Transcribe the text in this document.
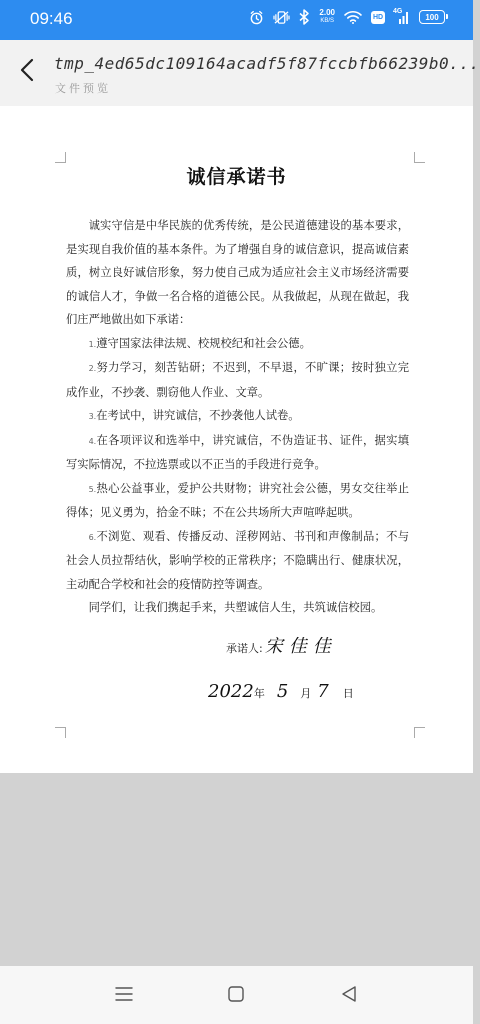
09:46	2.00
KB/S
HD
4G
100
tmp_4ed65dc109164acadf5f87fccbfb66239b0...
文件预览
诚信承诺书

诚实守信是中华民族的优秀传统，是公民道德建设的基本要求，是实现自我价值的基本条件。为了增强自身的诚信意识，提高诚信素质，树立良好诚信形象，努力使自己成为适应社会主义市场经济需要的诚信人才，争做一名合格的道德公民。从我做起，从现在做起，我们庄严地做出如下承诺：

1.遵守国家法律法规、校规校纪和社会公德。

2.努力学习，刻苦钻研；不迟到，不早退，不旷课；按时独立完成作业，不抄袭、剽窃他人作业、文章。

3.在考试中，讲究诚信，不抄袭他人试卷。

4.在各项评议和选举中，讲究诚信，不伪造证书、证件，据实填写实际情况，不拉选票或以不正当的手段进行竞争。

5.热心公益事业，爱护公共财物；讲究社会公德，男女交往举止得体；见义勇为，拾金不昧；不在公共场所大声喧哗起哄。

6.不浏览、观看、传播反动、淫秽网站、书刊和声像制品；不与社会人员拉帮结伙，影响学校的正常秩序；不隐瞒出行、健康状况，主动配合学校和社会的疫情防控等调查。

同学们，让我们携起手来，共塑诚信人生，共筑诚信校园。

承诺人: 宋佳佳
2022 年 5 月 7 日
